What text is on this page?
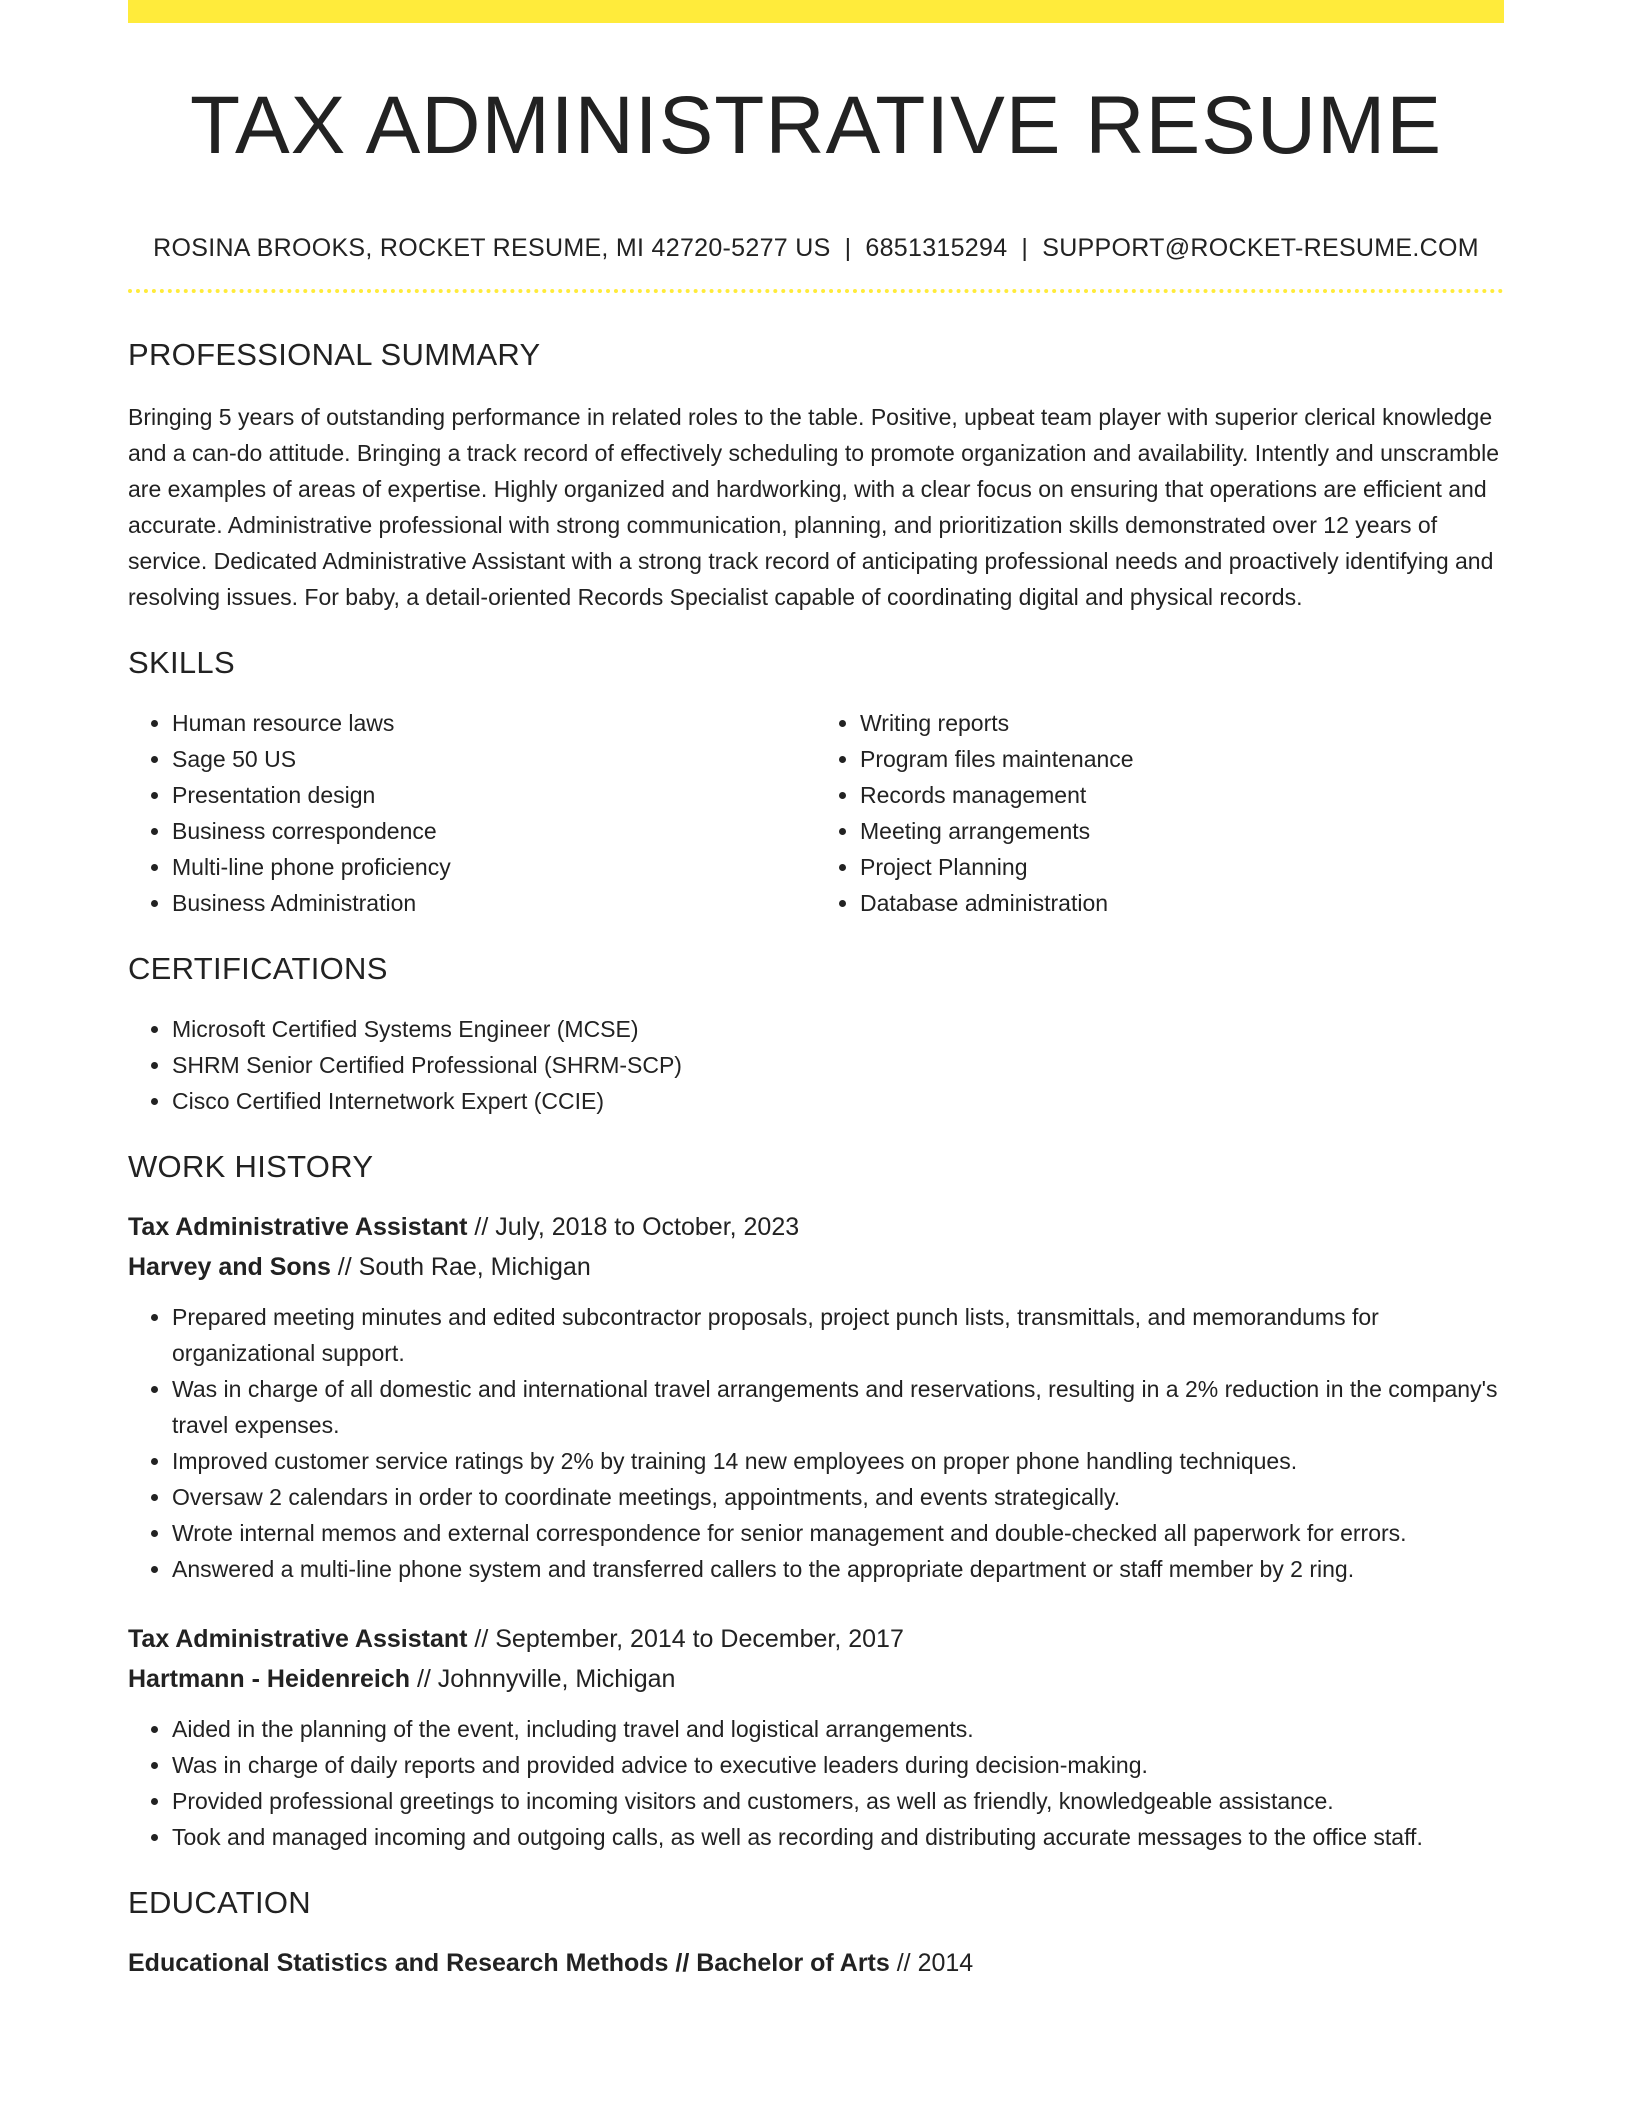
TAX ADMINISTRATIVE RESUME
ROSINA BROOKS, ROCKET RESUME, MI 42720-5277 US | 6851315294 | SUPPORT@ROCKET-RESUME.COM
PROFESSIONAL SUMMARY
Bringing 5 years of outstanding performance in related roles to the table. Positive, upbeat team player with superior clerical knowledge and a can-do attitude. Bringing a track record of effectively scheduling to promote organization and availability. Intently and unscramble are examples of areas of expertise. Highly organized and hardworking, with a clear focus on ensuring that operations are efficient and accurate. Administrative professional with strong communication, planning, and prioritization skills demonstrated over 12 years of service. Dedicated Administrative Assistant with a strong track record of anticipating professional needs and proactively identifying and resolving issues. For baby, a detail-oriented Records Specialist capable of coordinating digital and physical records.
SKILLS
• Human resource laws
• Sage 50 US
• Presentation design
• Business correspondence
• Multi-line phone proficiency
• Business Administration
• Writing reports
• Program files maintenance
• Records management
• Meeting arrangements
• Project Planning
• Database administration
CERTIFICATIONS
• Microsoft Certified Systems Engineer (MCSE)
• SHRM Senior Certified Professional (SHRM-SCP)
• Cisco Certified Internetwork Expert (CCIE)
WORK HISTORY
Tax Administrative Assistant // July, 2018 to October, 2023
Harvey and Sons // South Rae, Michigan
• Prepared meeting minutes and edited subcontractor proposals, project punch lists, transmittals, and memorandums for organizational support.
• Was in charge of all domestic and international travel arrangements and reservations, resulting in a 2% reduction in the company's travel expenses.
• Improved customer service ratings by 2% by training 14 new employees on proper phone handling techniques.
• Oversaw 2 calendars in order to coordinate meetings, appointments, and events strategically.
• Wrote internal memos and external correspondence for senior management and double-checked all paperwork for errors.
• Answered a multi-line phone system and transferred callers to the appropriate department or staff member by 2 ring.
Tax Administrative Assistant // September, 2014 to December, 2017
Hartmann - Heidenreich // Johnnyville, Michigan
• Aided in the planning of the event, including travel and logistical arrangements.
• Was in charge of daily reports and provided advice to executive leaders during decision-making.
• Provided professional greetings to incoming visitors and customers, as well as friendly, knowledgeable assistance.
• Took and managed incoming and outgoing calls, as well as recording and distributing accurate messages to the office staff.
EDUCATION
Educational Statistics and Research Methods // Bachelor of Arts // 2014
